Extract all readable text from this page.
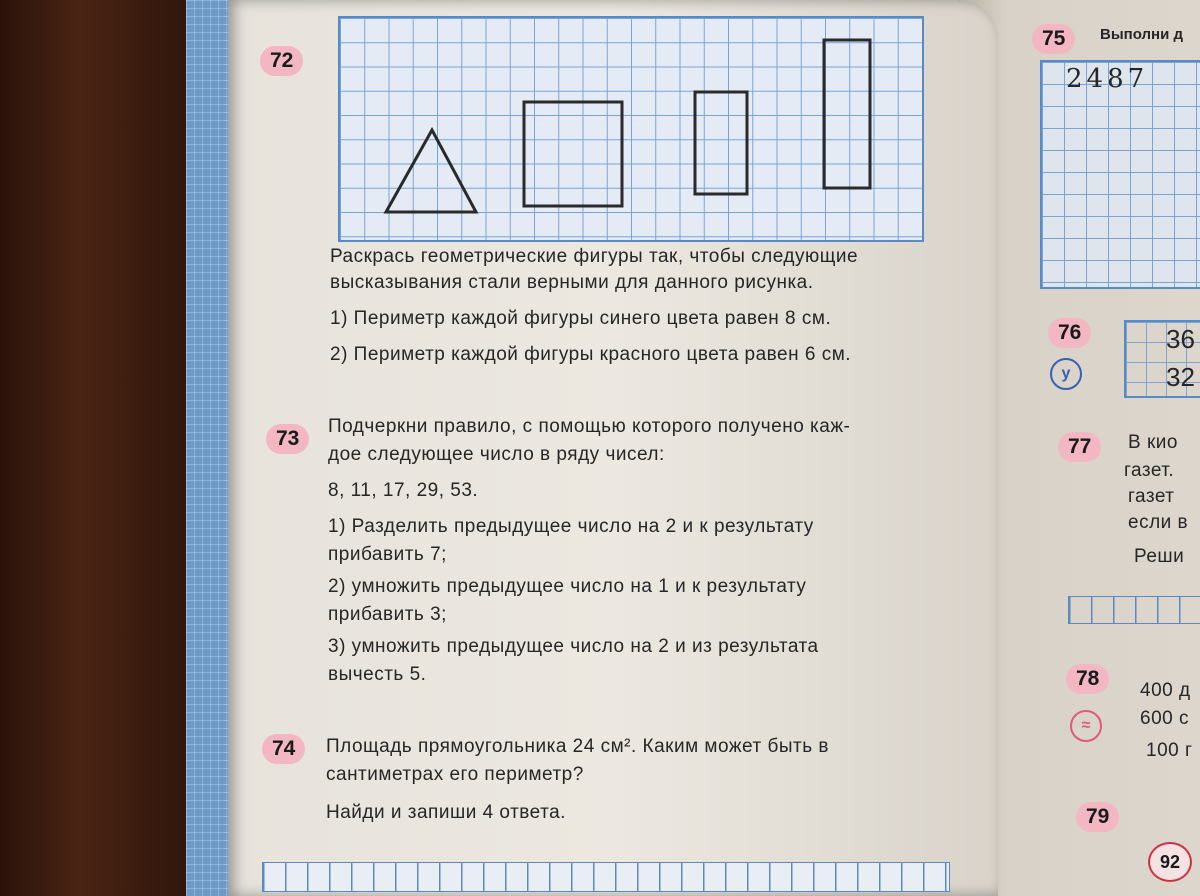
72
Раскрась геометрические фигуры так, чтобы следующие
высказывания стали верными для данного рисунка.
1) Периметр каждой фигуры синего цвета равен 8 см.
2) Периметр каждой фигуры красного цвета равен 6 см.
73
Подчеркни правило, с помощью которого получено каж-
дое следующее число в ряду чисел:
8, 11, 17, 29, 53.
1) Разделить предыдущее число на 2 и к результату
прибавить 7;
2) умножить предыдущее число на 1 и к результату
прибавить 3;
3) умножить предыдущее число на 2 и из результата
вычесть 5.
74	Площадь прямоугольника 24 см². Каким может быть в
сантиметрах его периметр?
Найди и запиши 4 ответа.
75	Выполни д
2487
76
у
36
32
77	В кио
газет.
газет
если в
Реши
78
≈
400 д
600 с
100 г
79
92
